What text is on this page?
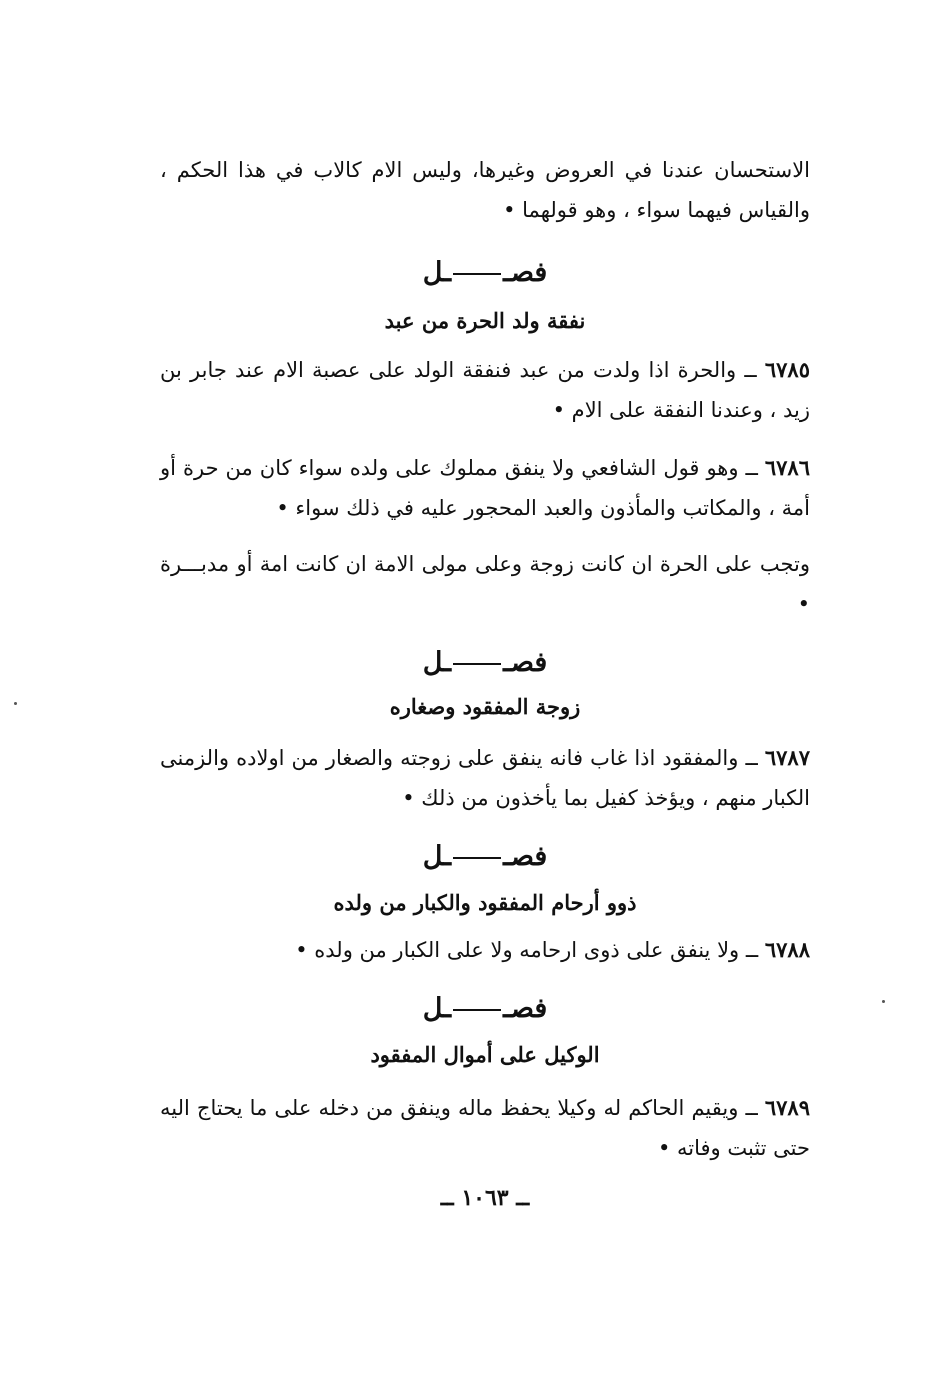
الاستحسان عندنا في العروض وغيرها، وليس الام كالاب في هذا الحكم ، والقياس فيهما سواء ، وهو قولهما •

فصــل
نفقة ولد الحرة من عبد

٦٧٨٥ ــ والحرة اذا ولدت من عبد فنفقة الولد على عصبة الام عند جابر بن زيد ، وعندنا النفقة على الام •

٦٧٨٦ ــ وهو قول الشافعي ولا ينفق مملوك على ولده سواء كان من حرة أو أمة ، والمكاتب والمأذون والعبد المحجور عليه في ذلك سواء •

وتجب على الحرة ان كانت زوجة وعلى مولى الامة ان كانت امة أو مدبـــرة •

فصــل
زوجة المفقود وصغاره

٦٧٨٧ ــ والمفقود اذا غاب فانه ينفق على زوجته والصغار من اولاده والزمنى الكبار منهم ، ويؤخذ كفيل بما يأخذون من ذلك •

فصــل
ذوو أرحام المفقود والكبار من ولده

٦٧٨٨ ــ ولا ينفق على ذوى ارحامه ولا على الكبار من ولده •

فصــل
الوكيل على أموال المفقود

٦٧٨٩ ــ ويقيم الحاكم له وكيلا يحفظ ماله وينفق من دخله على ما يحتاج اليه حتى تثبت وفاته •

ــ ١٠٦٣ ــ
